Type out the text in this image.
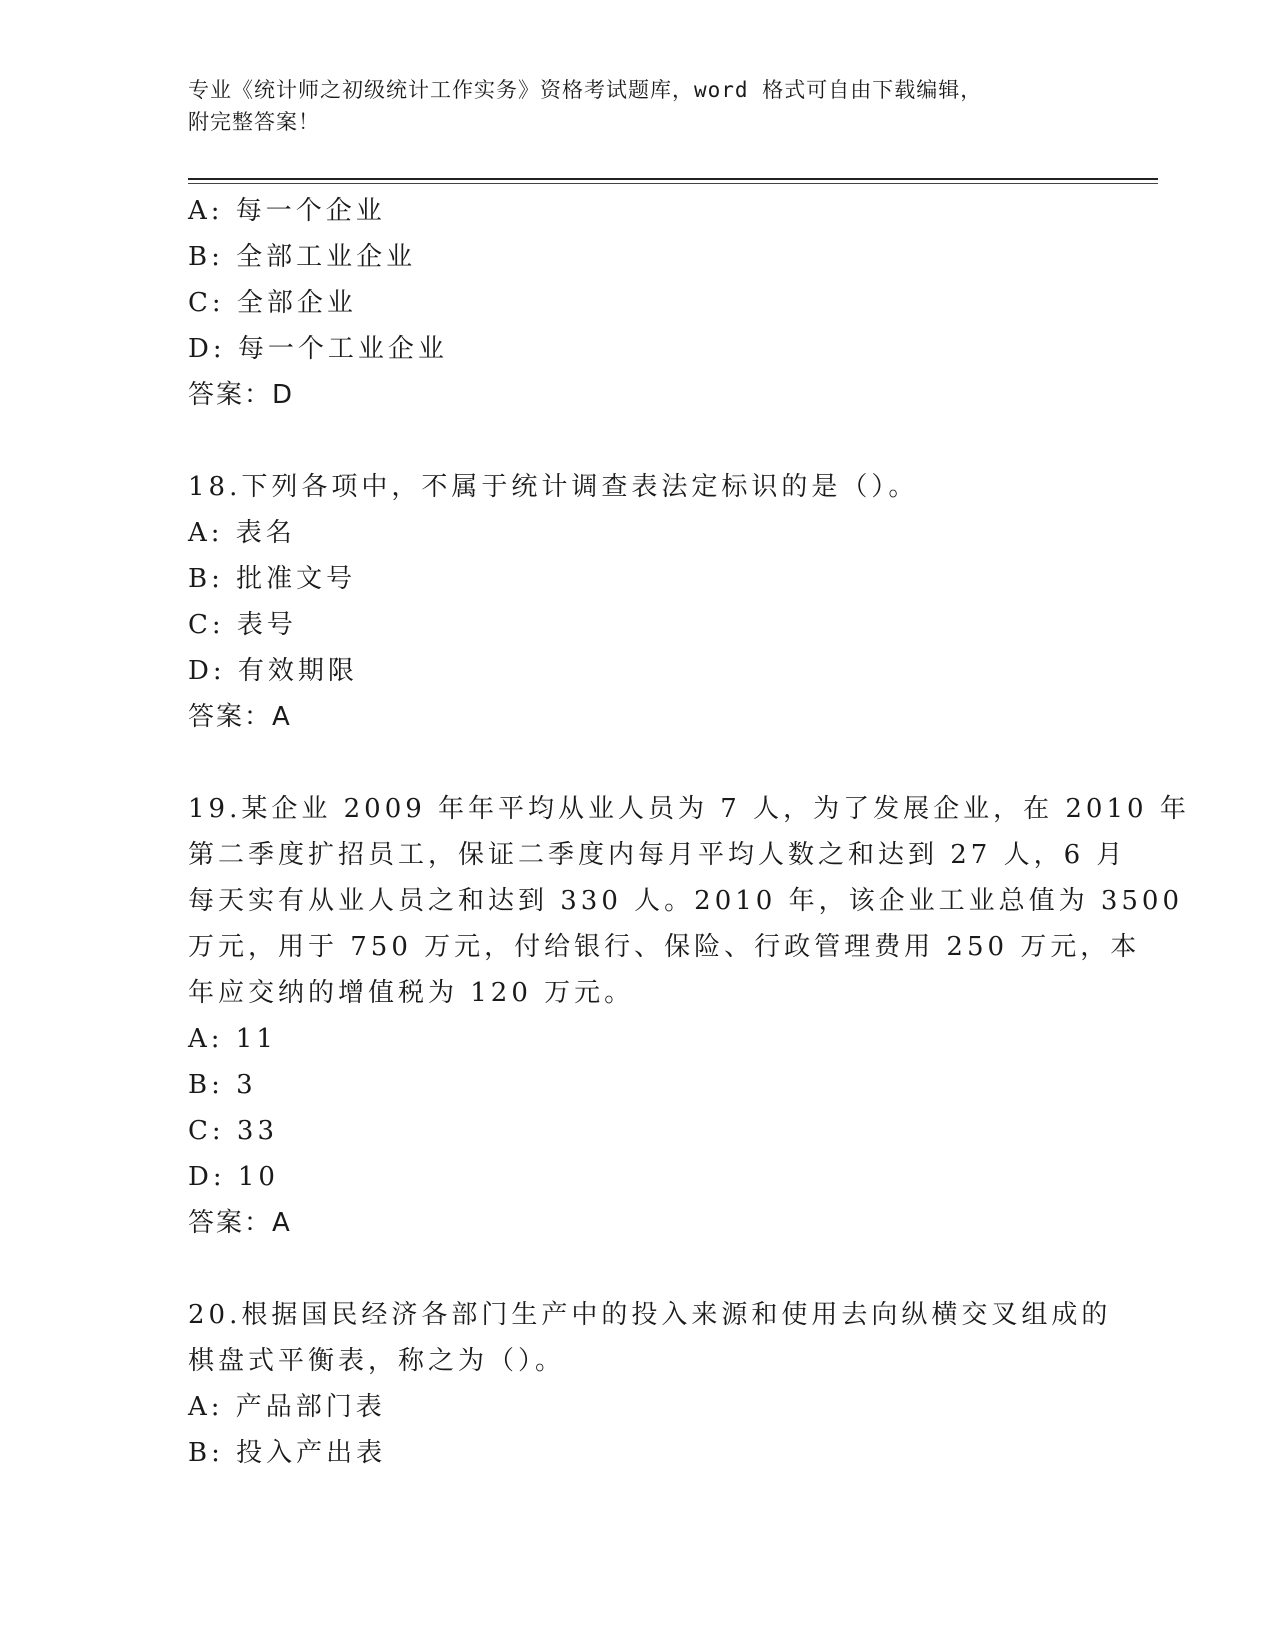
专业《统计师之初级统计工作实务》资格考试题库，word 格式可自由下载编辑，
附完整答案！
A: 每一个企业
B: 全部工业企业
C: 全部企业
D: 每一个工业企业
答案：D
18.下列各项中，不属于统计调查表法定标识的是（）。
A: 表名
B: 批准文号
C: 表号
D: 有效期限
答案：A
19.某企业 2009 年年平均从业人员为 7 人，为了发展企业，在 2010 年
第二季度扩招员工，保证二季度内每月平均人数之和达到 27 人，6 月
每天实有从业人员之和达到 330 人。2010 年，该企业工业总值为 3500
万元，用于 750 万元，付给银行、保险、行政管理费用 250 万元，本
年应交纳的增值税为 120 万元。
A: 11
B: 3
C: 33
D: 10
答案：A
20.根据国民经济各部门生产中的投入来源和使用去向纵横交叉组成的
棋盘式平衡表，称之为（）。
A: 产品部门表
B: 投入产出表
